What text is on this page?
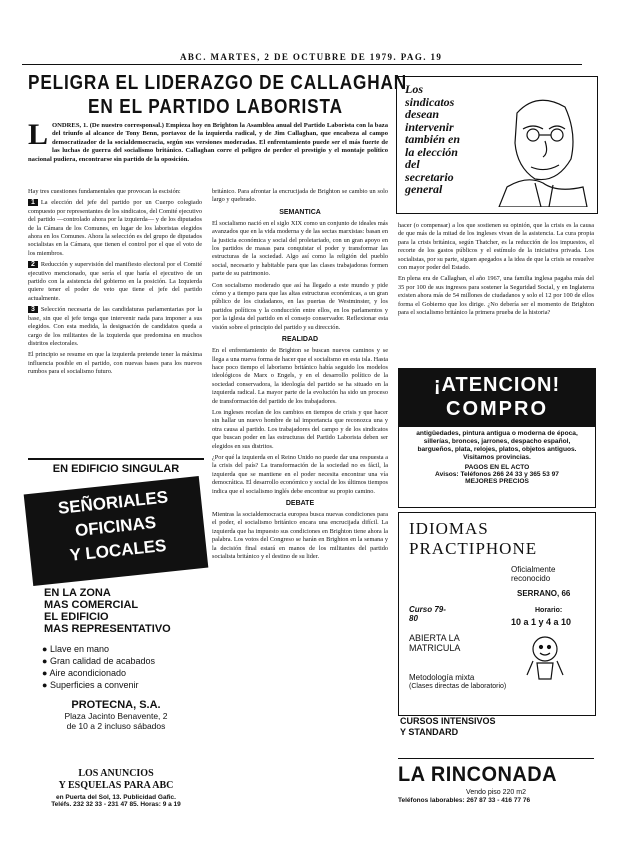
ABC. MARTES, 2 DE OCTUBRE DE 1979. PAG. 19
PELIGRA EL LIDERAZGO DE CALLAGHAN
EN EL PARTIDO LABORISTA
L ONDRES, 1. (De nuestro corresponsal.) Empieza hoy en Brighton la Asamblea anual del Partido Laborista con la baza del triunfo al alcance de Tony Benn, portavoz de la izquierda radical, y de Jim Callaghan, que encabeza al campo democratizador de la socialdemocracia, según sus versiones moderadas. El enfrentamiento puede ser el más fuerte de las luchas de guerra del socialismo británico. Callaghan corre el peligro de perder el prestigio y el montaje político nacional pudiera, encontrarse sin partido de la oposición.
Los
sindicatos
desean
intervenir
también en
la elección
del
secretario
general
Hay tres cuestiones fundamentales que provocan la escisión:
1 La elección del jefe del partido por un Cuerpo colegiado compuesto por representantes de los sindicatos, del Comité ejecutivo del partido —controlado ahora por la izquierda— y de los diputados de la Cámara de los Comunes, en lugar de los laboristas elegidos ahora en los Comunes. Ahora la selección es del grupo de diputados socialistas en la Cámara, que tienen el control por el que el voto de los miembros.
2 Reducción y supervisión del manifiesto electoral por el Comité ejecutivo mencionado, que sería el que haría el ejecutivo de un partido con la asistencia del gobierno en la posición. La Izquierda quiere tener el poder de veto que tiene el jefe del partido actualmente.
3 Selección necesaria de las candidaturas parlamentarias por la base, sin que el jefe tenga que intervenir nada para imponer a sus elegidos. Con esta medida, la designación de candidatos queda a cargo de los militantes de la izquierda que predomina en muchos distritos electorales.
El principio se resume en que la izquierda pretende tener la máxima influencia posible en el partido, con nuevas bases para los nuevos rumbos para el socialismo futuro.
británico. Para afrontar la encrucijada de Brighton se cambio un solo largo y quebrado.
SEMANTICA
El socialismo nació en el siglo XIX como un conjunto de ideales más avanzados que en la vida moderna y de las sectas marxistas: basan en la justicia económica y social del proletariado, con un gran apoyo en los partidos de masas para conquistar el poder y transformar las estructuras de la sociedad. Algo así como la religión del pueblo social, necesario y habitable para que las clases trabajadoras formen parte de su patrimonio.
Con socialismo moderado que así ha llegado a este mundo y pide cómo y a tiempo para que las altas estructuras económicas, a un gran público de los ciudadanos, en las puertas de Westminster, y los partidos políticos y la conducción entre ellos, en los parlamentos y por la iglesia del partido en el consejo conservador. Reflexionar esta visión sobre el principio del partido y su dirección.
REALIDAD
En el enfrentamiento de Brighton se buscan nuevos caminos y se llega a una nueva forma de hacer que el socialismo en esta isla. Hasta hace poco tiempo el laborismo británico había seguido los modelos ideológicos de Marx o Engels, y en el desarrollo político de la sociedad conservadora, la ideología del partido se ha situado en la izquierda radical. La mayor parte de la evolución ha sido un proceso de transformación del partido de los trabajadores.
Los ingleses recelan de los cambios en tiempos de crisis y que hacer sin hallar un nuevo hombre de tal importancia que reconozca una y otra causa al partido. Los trabajadores del campo y de los sindicatos que buscan poder en las estructuras del Partido Laborista deben ser elegidos en sus distritos.
¿Por qué la izquierda en el Reino Unido no puede dar una respuesta a la crisis del país? La transformación de la sociedad no es fácil, la izquierda que se mantiene en el poder necesita encontrar una vía democrática. El desarrollo económico y social de los últimos tiempos indica que el socialismo inglés debe encontrar su propio camino.
DEBATE
Mientras la socialdemocracia europea busca nuevas condiciones para el poder, el socialismo británico encara una encrucijada difícil. La izquierda que ha impuesto sus condiciones en Brighton tiene ahora la palabra. Los votos del Congreso se harán en Brighton en la semana y la decisión final estará en manos de los militantes del partido socialista británico y el destino de su lider.
hacer (o compensar) a los que sostienen su opinión, que la crisis es la causa de que más de la mitad de los ingleses vivan de la asistencia. La cura propia para la crisis británica, según Thatcher, es la reducción de los impuestos, el recorte de los gastos públicos y el estímulo de la iniciativa privada. Los socialistas, por su parte, siguen apegados a la idea de que la crisis se resuelve con mayor poder del Estado.
En plena era de Callaghan, el año 1967, una familia inglesa pagaba más del 35 por 100 de sus ingresos para sostener la Seguridad Social, y en Inglaterra existen ahora más de 54 millones de ciudadanos y solo el 12 por 100 de ellos forma el Gobierno que los dirige. ¿No debería ser el momento de Brighton para el socialismo británico la primera prueba de la historia?
EN EDIFICIO SINGULAR
SEÑORIALES
OFICINAS
Y LOCALES
EN LA ZONA
MAS COMERCIAL
EL EDIFICIO
MAS REPRESENTATIVO
● Llave en mano
● Gran calidad de acabados
● Aire acondicionado
● Superficies a convenir
PROTECNA, S.A.
Plaza Jacinto Benavente, 2
de 10 a 2 incluso sábados
LOS ANUNCIOS
Y ESQUELAS PARA ABC
en Puerta del Sol, 13. Publicidad Gafic.
Teléfs. 232 32 33 - 231 47 85. Horas: 9 a 19
¡ATENCION!
COMPRO
antigüedades, pintura antigua o moderna de época, sillerías, bronces, jarrones, despacho español, bargueños, plata, relojes, platos, objetos antiguos. Visitamos provincias.
PAGOS EN EL ACTO
Avisos: Teléfonos 266 24 33 y 365 53 97
MEJORES PRECIOS
IDIOMAS
PRACTIPHONE
Oficialmente reconocido
SERRANO, 66
Horario:
10 a 1 y 4 a 10
Curso 79-80
ABIERTA LA MATRICULA
Metodología mixta
(Clases directas de laboratorio)
CURSOS INTENSIVOS
Y STANDARD
LA RINCONADA
Vendo piso 220 m2
Teléfonos laborables: 267 87 33 - 416 77 76
